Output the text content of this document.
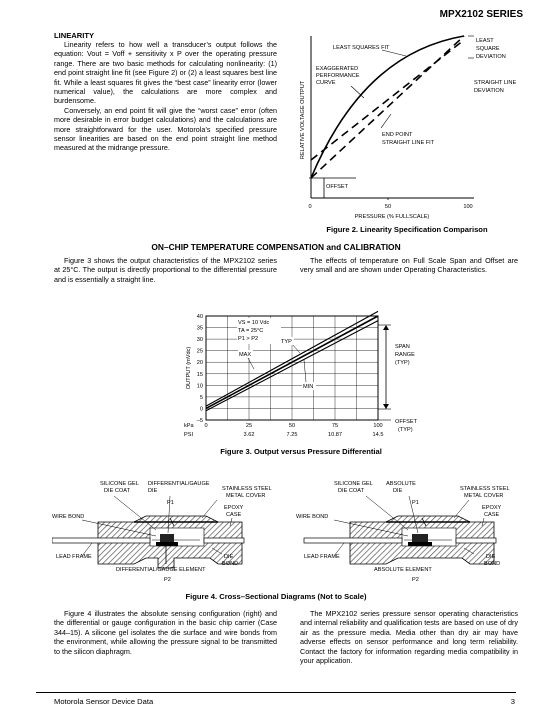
MPX2102 SERIES

LINEARITY

Linearity refers to how well a transducer’s output follows the equation: Vout = Voff + sensitivity x P over the operating pressure range. There are two basic methods for calculating nonlinearity: (1) end point straight line fit (see Figure 2) or (2) a least squares best line fit. While a least squares fit gives the “best case” linearity error (lower numerical value), the calculations are more complex and burdensome.

Conversely, an end point fit will give the “worst case” error (often more desirable in error budget calculations) and the calculations are more straightforward for the user. Motorola’s specified pressure sensor linearities are based on the end point straight line method measured at the midrange pressure.	RELATIVE VOLTAGE OUTPUT
LEAST SQUARES FIT
EXAGGERATED
PERFORMANCE
CURVE
LEAST
SQUARE
DEVIATION
STRAIGHT LINE
DEVIATION
END POINT
STRAIGHT LINE FIT
OFFSET
0	50	100
PRESSURE (% FULLSCALE)
Figure 2. Linearity Specification Comparison
ON–CHIP TEMPERATURE COMPENSATION and CALIBRATION

Figure 3 shows the output characteristics of the MPX2102 series at 25°C. The output is directly proportional to the differential pressure and is essentially a straight line.

The effects of temperature on Full Scale Span and Offset are very small and are shown under Operating Characteristics.

OUTPUT (mVdc)
VS = 10 Vdc
TA = 25°C
P1 > P2	TYP
MAX
MIN
SPAN
RANGE
(TYP)
OFFSET
(TYP)
kPa
PSI
40
35
30
25
20
15
10
5
0
–5
0	25	50	75	100
3.62	7.25	10.87	14.5
Figure 3. Output versus Pressure Differential
SILICONE GEL
DIE COAT
DIFFERENTIAL/GAUGE
DIE
P1
STAINLESS STEEL
METAL COVER
EPOXY
CASE
WIRE BOND
LEAD FRAME
DIFFERENTIAL/GAUGE ELEMENT
DIE
BOND
P2
SILICONE GEL
DIE COAT
ABSOLUTE
DIE
P1
STAINLESS STEEL
METAL COVER
EPOXY
CASE
WIRE BOND
LEAD FRAME
ABSOLUTE ELEMENT
DIE
BOND
P2
Figure 4. Cross–Sectional Diagrams (Not to Scale)

Figure 4 illustrates the absolute sensing configuration (right) and the differential or gauge configuration in the basic chip carrier (Case 344–15). A silicone gel isolates the die surface and wire bonds from the environment, while allowing the pressure signal to be transmitted to the silicon diaphragm.

The MPX2102 series pressure sensor operating characteristics and internal reliability and qualification tests are based on use of dry air as the pressure media. Media other than dry air may have adverse effects on sensor performance and long term reliability. Contact the factory for information regarding media compatibility in your application.

Motorola Sensor Device Data	3
